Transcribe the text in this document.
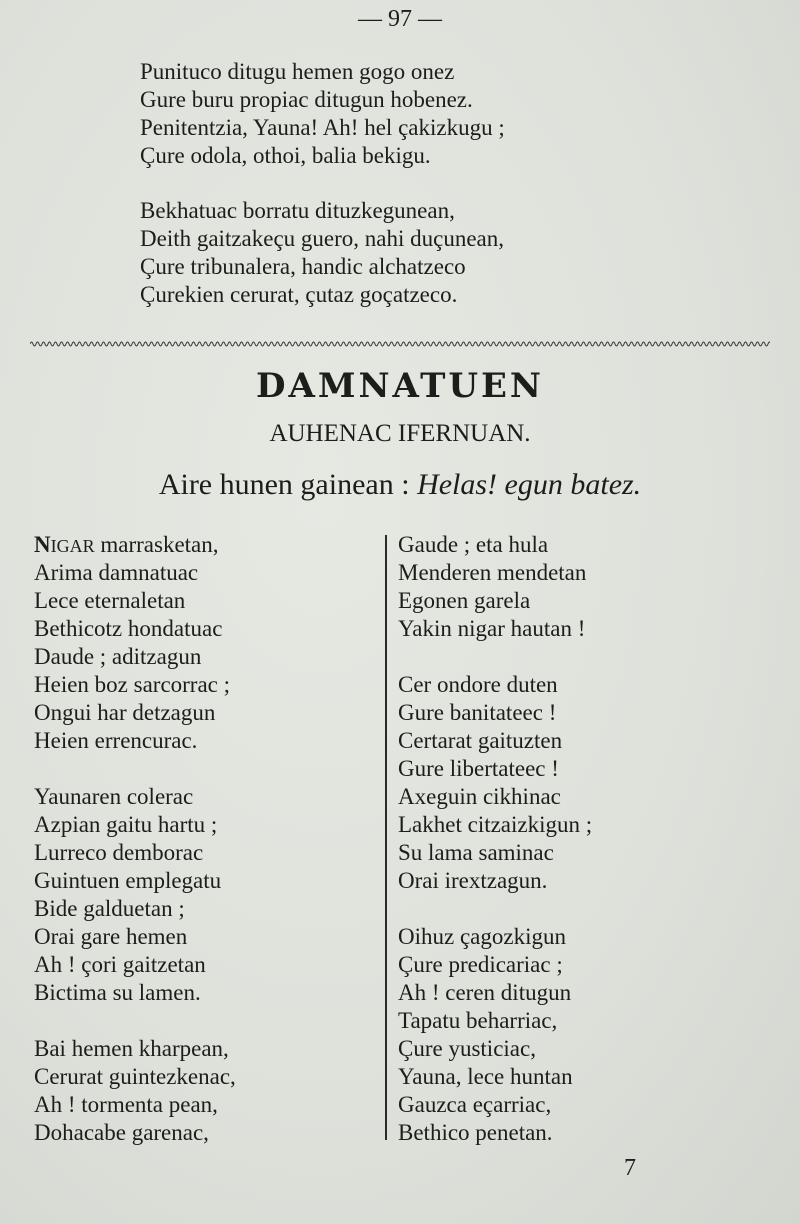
— 97 —
Punituco ditugu hemen gogo onez
Gure buru propiac ditugun hobenez.
Penitentzia, Yauna! Ah! hel çakizkugu ;
Çure odola, othoi, balia bekigu.
Bekhatuac borratu dituzkegunean,
Deith gaitzakeçu guero, nahi duçunean,
Çure tribunalera, handic alchatzeco
Çurekien cerurat, çutaz goçatzeco.
DAMNATUEN
AUHENAC IFERNUAN.
Aire hunen gainean : Helas! egun batez.
NIGAR marrasketan,
Arima damnatuac
Lece eternaletan
Bethicotz hondatuac
Daude ; aditzagun
Heien boz sarcorrac ;
Ongui har detzagun
Heien errencurac.
Yaunaren colerac
Azpian gaitu hartu ;
Lurreco demborac
Guintuen emplegatu
Bide galduetan ;
Orai gare hemen
Ah ! çori gaitzetan
Bictima su lamen.
Bai hemen kharpean,
Cerurat guintezkenac,
Ah ! tormenta pean,
Dohacabe garenac,
Gaude ; eta hula
Menderen mendetan
Egonen garela
Yakin nigar hautan !
Cer ondore duten
Gure banitateec !
Certarat gaituzten
Gure libertateec !
Axeguin cikhinac
Lakhet citzaizkigun ;
Su lama saminac
Orai irextzagun.
Oihuz çagozkigun
Çure predicariac ;
Ah ! ceren ditugun
Tapatu beharriac,
Çure yusticiac,
Yauna, lece huntan
Gauzca eçarriac,
Bethico penetan.
7
